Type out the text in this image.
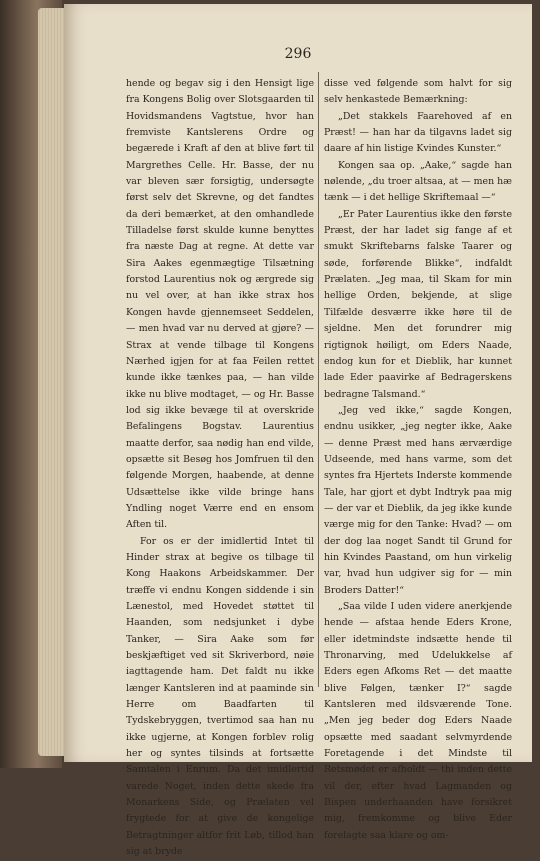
296

hende og begav sig i den Hensigt lige fra Kongens Bolig over Slotsgaarden til Hovidsmandens Vagtstue, hvor han fremviste Kantslerens Ordre og begærede i Kraft af den at blive ført til Margrethes Celle. Hr. Basse, der nu var bleven sær forsigtig, undersøgte først selv det Skrevne, og det fandtes da deri bemærket, at den omhandlede Tilladelse først skulde kunne benyttes fra næste Dag at regne. At dette var Sira Aakes egenmægtige Tilsætning forstod Laurentius nok og ærgrede sig nu vel over, at han ikke strax hos Kongen havde gjennemseet Seddelen, — men hvad var nu derved at gjøre? — Strax at vende tilbage til Kongens Nærhed igjen for at faa Feilen rettet kunde ikke tænkes paa, — han vilde ikke nu blive modtaget, — og Hr. Basse lod sig ikke bevæge til at overskride Befalingens Bogstav. Laurentius maatte derfor, saa nødig han end vilde, opsætte sit Besøg hos Jomfruen til den følgende Morgen, haabende, at denne Udsættelse ikke vilde bringe hans Yndling noget Værre end en ensom Aften til.

For os er der imidlertid Intet til Hinder strax at begive os tilbage til Kong Haakons Arbeidskammer. Der træffe vi endnu Kongen siddende i sin Lænestol, med Hovedet støttet til Haanden, som nedsjunket i dybe Tanker, — Sira Aake som før beskjæftiget ved sit Skriverbord, nøie iagttagende ham. Det faldt nu ikke længer Kantsleren ind at paaminde sin Herre om Baadfarten til Tydskebryggen, tvertimod saa han nu ikke ugjerne, at Kongen forblev rolig her og syntes tilsinds at fortsætte Samtalen i Enrum. Da det imidlertid varede Noget, inden dette skede fra Monarkens Side, og Prælaten vel frygtede for at give de kongelige Betragtninger altfor frit Løb, tillod han sig at bryde

disse ved følgende som halvt for sig selv henkastede Bemærkning:

„Det stakkels Faarehoved af en Præst! — han har da tilgavns ladet sig daare af hin listige Kvindes Kunster.“

Kongen saa op. „Aake,“ sagde han nølende, „du troer altsaa, at — men hæ tænk — i det hellige Skriftemaal —“

„Er Pater Laurentius ikke den første Præst, der har ladet sig fange af et smukt Skriftebarns falske Taarer og søde, forførende Blikke“, indfaldt Prælaten. „Jeg maa, til Skam for min hellige Orden, bekjende, at slige Tilfælde desværre ikke høre til de sjeldne. Men det forundrer mig rigtignok høiligt, om Eders Naade, endog kun for et Dieblik, har kunnet lade Eder paavirke af Bedragerskens bedragne Talsmand.“

„Jeg ved ikke,“ sagde Kongen, endnu usikker, „jeg negter ikke, Aake — denne Præst med hans ærværdige Udseende, med hans varme, som det syntes fra Hjertets Inderste kommende Tale, har gjort et dybt Indtryk paa mig — der var et Dieblik, da jeg ikke kunde værge mig for den Tanke: Hvad? — om der dog laa noget Sandt til Grund for hin Kvindes Paastand, om hun virkelig var, hvad hun udgiver sig for — min Broders Datter!“

„Saa vilde I uden videre anerkjende hende — afstaa hende Eders Krone, eller idetmindste indsætte hende til Thronarving, med Udelukkelse af Eders egen Afkoms Ret — det maatte blive Følgen, tænker I?“ sagde Kantsleren med ildsværende Tone. „Men jeg beder dog Eders Naade opsætte med saadant selvmyrdende Foretagende i det Mindste til Retsmødet er afholdt — thi inden dette vil der, efter hvad Lagmanden og Bispen underhaanden have forsikret mig, fremkomme og blive Eder forelagte saa klare og om-
